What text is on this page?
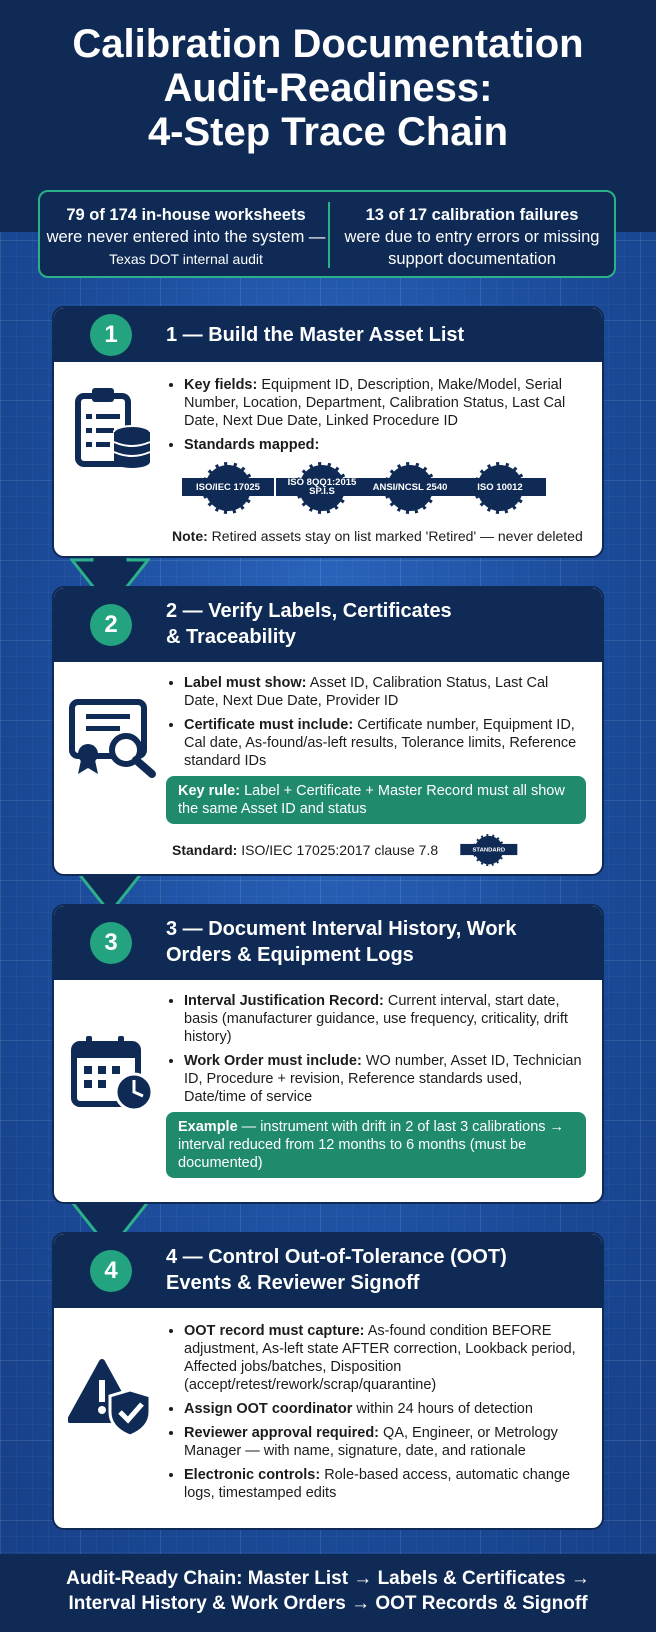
Calibration Documentation
Audit-Readiness:
4-Step Trace Chain
79 of 174 in-house worksheets
were never entered into the system — Texas DOT internal audit
13 of 17 calibration failures
were due to entry errors or missing support documentation
1	1 — Build the Master Asset List
• Key fields: Equipment ID, Description, Make/Model, Serial Number, Location, Department, Calibration Status, Last Cal Date, Next Due Date, Linked Procedure ID
• Standards mapped:
ISO/IEC 17025	ISO 8QQ1:2015 SP.I.S	ANSI/NCSL 2540	ISO 10012
Note: Retired assets stay on list marked 'Retired' — never deleted
2	2 — Verify Labels, Certificates
& Traceability
• Label must show: Asset ID, Calibration Status, Last Cal Date, Next Due Date, Provider ID
• Certificate must include: Certificate number, Equipment ID, Cal date, As-found/as-left results, Tolerance limits, Reference standard IDs
Key rule: Label + Certificate + Master Record must all show the same Asset ID and status
Standard: ISO/IEC 17025:2017 clause 7.8	STANDARD
3	3 — Document Interval History, Work
Orders & Equipment Logs
• Interval Justification Record: Current interval, start date, basis (manufacturer guidance, use frequency, criticality, drift history)
• Work Order must include: WO number, Asset ID, Technician ID, Procedure + revision, Reference standards used, Date/time of service
Example — instrument with drift in 2 of last 3 calibrations → interval reduced from 12 months to 6 months (must be documented)
4	4 — Control Out-of-Tolerance (OOT)
Events & Reviewer Signoff
• OOT record must capture: As-found condition BEFORE adjustment, As-left state AFTER correction, Lookback period, Affected jobs/batches, Disposition (accept/retest/rework/scrap/quarantine)
• Assign OOT coordinator within 24 hours of detection
• Reviewer approval required: QA, Engineer, or Metrology Manager — with name, signature, date, and rationale
• Electronic controls: Role-based access, automatic change logs, timestamped edits
Audit-Ready Chain: Master List → Labels & Certificates →
Interval History & Work Orders → OOT Records & Signoff
